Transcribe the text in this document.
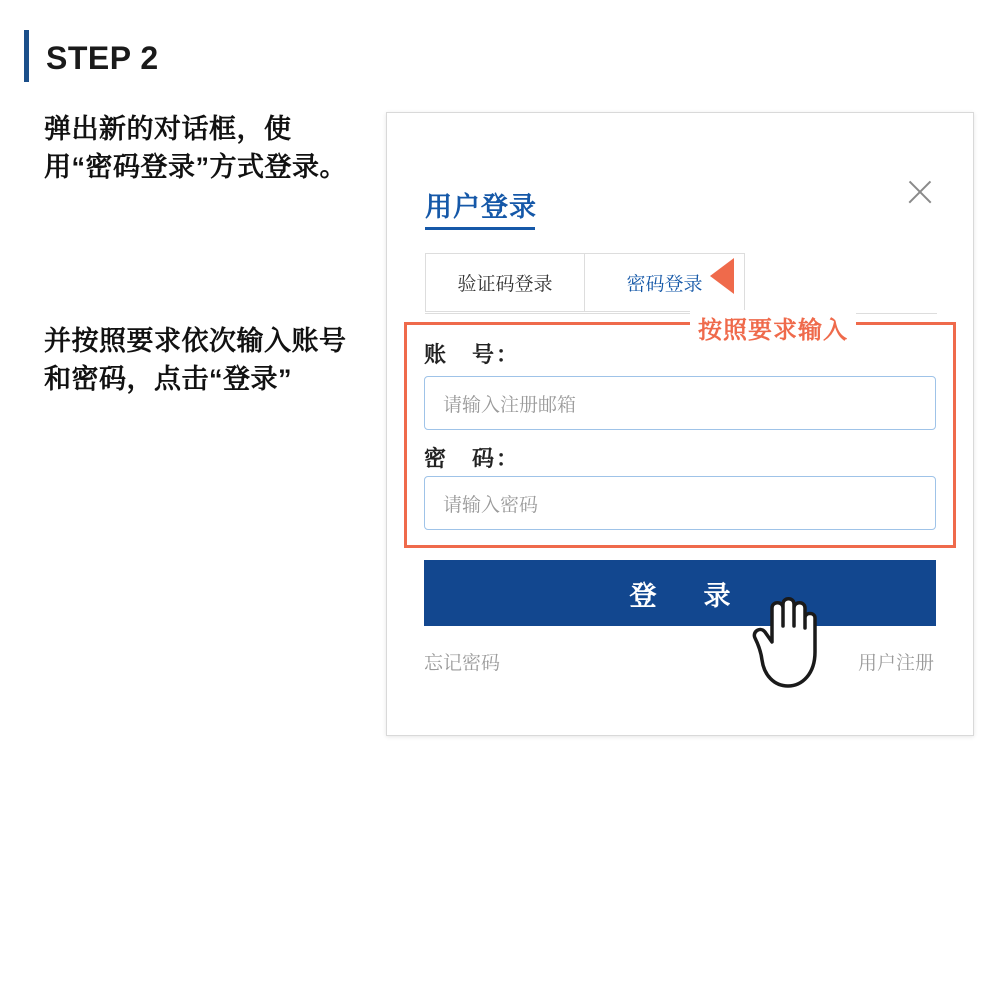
STEP 2
弹出新的对话框，使用“密码登录”方式登录。
并按照要求依次输入账号和密码，点击“登录”
用户登录
验证码登录	密码登录
按照要求输入
账　号：
请输入注册邮箱
密　码：
请输入密码
登　录
忘记密码	用户注册
